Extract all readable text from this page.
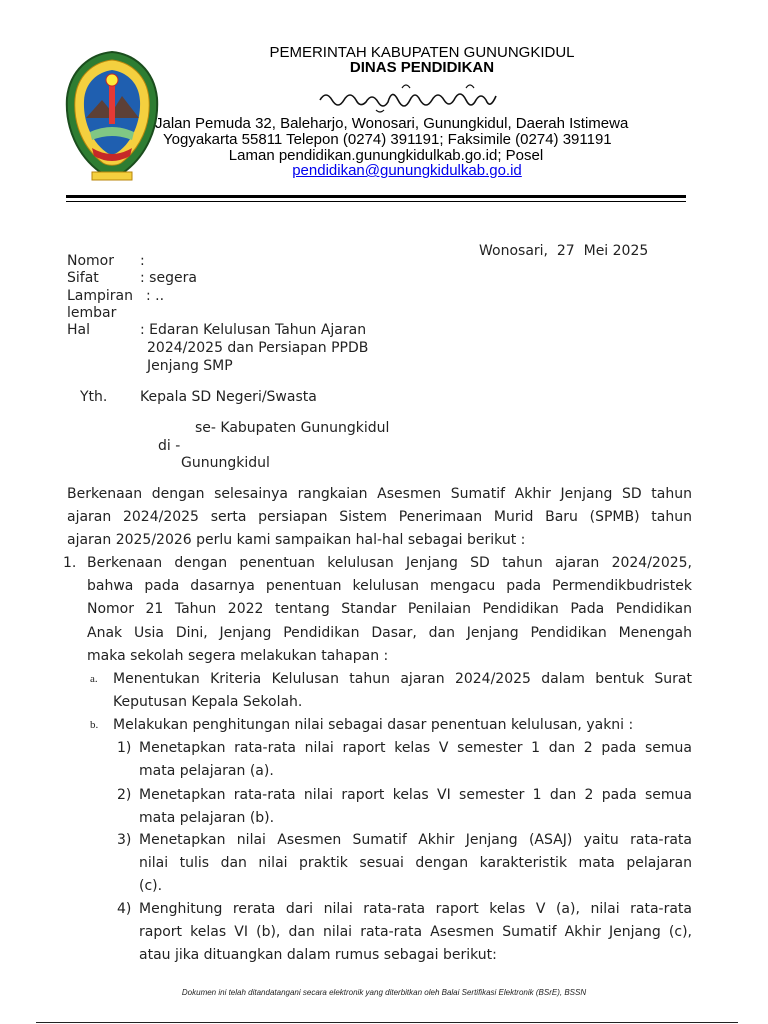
PEMERINTAH KABUPATEN GUNUNGKIDUL
DINAS PENDIDIKAN
Jalan Pemuda 32, Baleharjo, Wonosari, Gunungkidul, Daerah Istimewa
Yogyakarta 55811 Telepon (0274) 391191; Faksimile (0274) 391191
Laman pendidikan.gunungkidulkab.go.id; Posel
pendidikan@gunungkidulkab.go.id
Wonosari,  27  Mei 2025
Nomor :
Sifat	: segera
Lampiran : ..
lembar
Hal	: Edaran Kelulusan Tahun Ajaran
2024/2025 dan Persiapan PPDB
Jenjang SMP
Yth. Kepala SD Negeri/Swasta
se- Kabupaten Gunungkidul
di -
Gunungkidul
Berkenaan dengan selesainya rangkaian Asesmen Sumatif Akhir Jenjang SD tahun
ajaran 2024/2025 serta persiapan Sistem Penerimaan Murid Baru (SPMB) tahun
ajaran 2025/2026 perlu kami sampaikan hal-hal sebagai berikut :
1. Berkenaan dengan penentuan kelulusan Jenjang SD tahun ajaran 2024/2025,
bahwa pada dasarnya penentuan kelulusan mengacu pada Permendikbudristek
Nomor 21 Tahun 2022 tentang Standar Penilaian Pendidikan Pada Pendidikan
Anak Usia Dini, Jenjang Pendidikan Dasar, dan Jenjang Pendidikan Menengah
maka sekolah segera melakukan tahapan :
a. Menentukan Kriteria Kelulusan tahun ajaran 2024/2025 dalam bentuk Surat
Keputusan Kepala Sekolah.
b. Melakukan penghitungan nilai sebagai dasar penentuan kelulusan, yakni :
1) Menetapkan rata-rata nilai raport kelas V semester 1 dan 2 pada semua
mata pelajaran (a).
2) Menetapkan rata-rata nilai raport kelas VI semester 1 dan 2 pada semua
mata pelajaran (b).
3) Menetapkan nilai Asesmen Sumatif Akhir Jenjang (ASAJ) yaitu rata-rata
nilai tulis dan nilai praktik sesuai dengan karakteristik mata pelajaran
(c).
4) Menghitung rerata dari nilai rata-rata raport kelas V (a), nilai rata-rata
raport kelas VI (b), dan nilai rata-rata Asesmen Sumatif Akhir Jenjang (c),
atau jika dituangkan dalam rumus sebagai berikut:
Dokumen ini telah ditandatangani secara elektronik yang diterbitkan oleh Balai Sertifikasi Elektronik (BSrE), BSSN
